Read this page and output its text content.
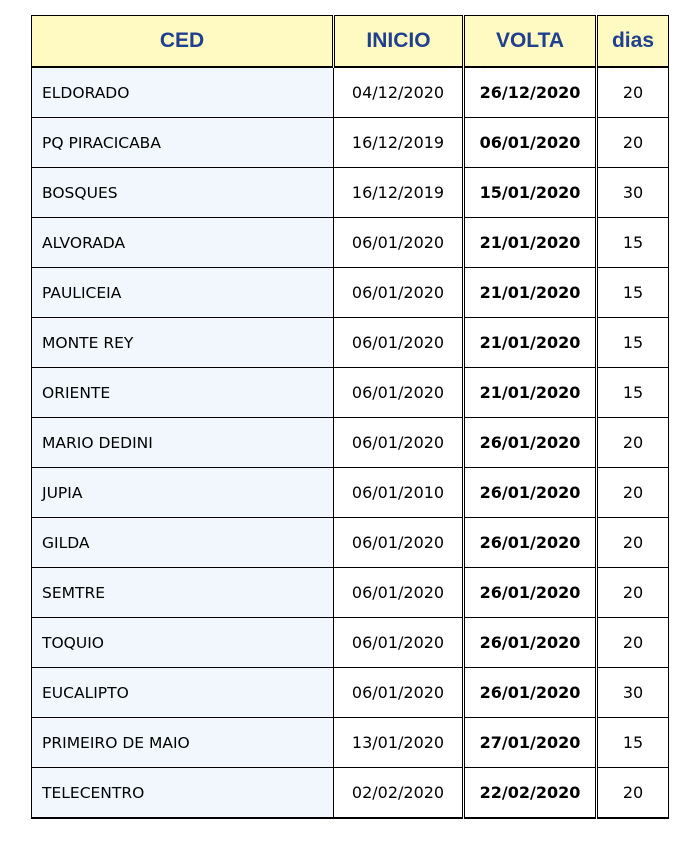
CED	INICIO	VOLTA	dias
ELDORADO	04/12/2020	26/12/2020	20
PQ PIRACICABA	16/12/2019	06/01/2020	20
BOSQUES	16/12/2019	15/01/2020	30
ALVORADA	06/01/2020	21/01/2020	15
PAULICEIA	06/01/2020	21/01/2020	15
MONTE REY	06/01/2020	21/01/2020	15
ORIENTE	06/01/2020	21/01/2020	15
MARIO DEDINI	06/01/2020	26/01/2020	20
JUPIA	06/01/2010	26/01/2020	20
GILDA	06/01/2020	26/01/2020	20
SEMTRE	06/01/2020	26/01/2020	20
TOQUIO	06/01/2020	26/01/2020	20
EUCALIPTO	06/01/2020	26/01/2020	30
PRIMEIRO DE MAIO	13/01/2020	27/01/2020	15
TELECENTRO	02/02/2020	22/02/2020	20
